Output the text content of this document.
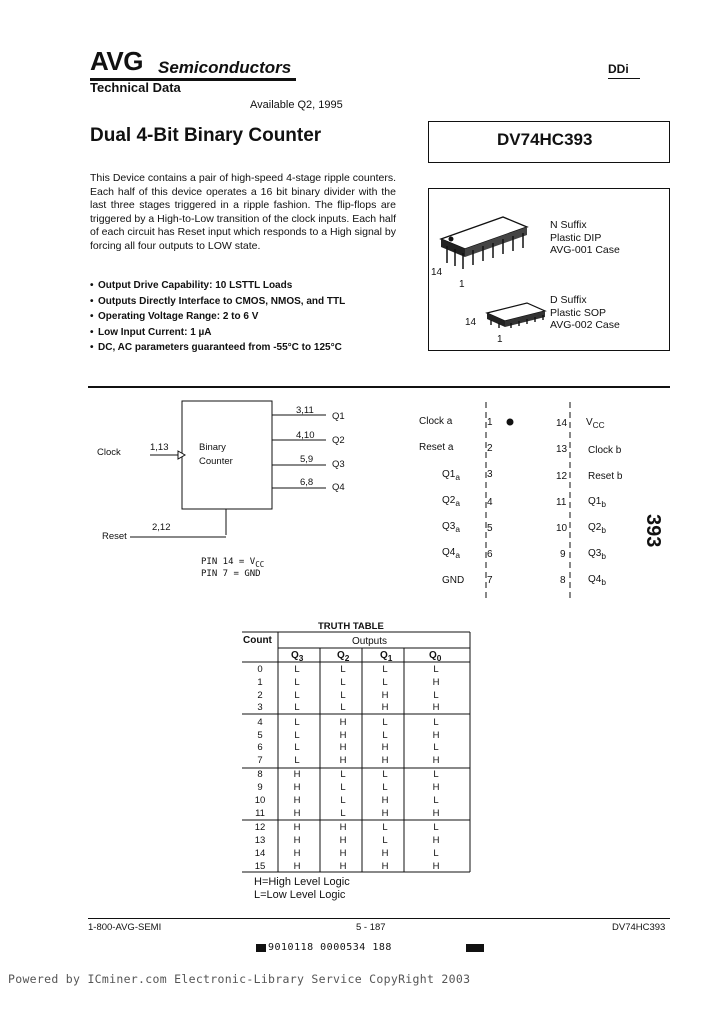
AVG Semiconductors	DDi
Technical Data
Available Q2, 1995
Dual 4-Bit Binary Counter	DV74HC393
This Device contains a pair of high-speed 4-stage ripple counters. Each half of this device operates a 16 bit binary divider with the last three stages triggered in a ripple fashion. The flip-flops are triggered by a High-to-Low transition of the clock inputs. Each half of each circuit has Reset input which responds to a High signal by forcing all four outputs to LOW state.
• Output Drive Capability: 10 LSTTL Loads
• Outputs Directly Interface to CMOS, NMOS, and TTL
• Operating Voltage Range: 2 to 6 V
• Low Input Current: 1 µA
• DC, AC parameters guaranteed from -55°C to 125°C
14
1
N Suffix
Plastic DIP
AVG-001 Case
14
1
D Suffix
Plastic SOP
AVG-002 Case
Binary
Counter
Clock	1,13
Reset
2,12
3,11
Q1
4,10 Q2
5,9 Q3
6,8 Q4
PIN $14 = V_{CC}$
PIN 7 = GND
Clock a	1
Reset a	2
$Q1_a$	3
$Q2_a$	4
$Q3_a$	5
$Q4_a$	6
GND 7
14 $V_{CC}$
13 Clock b
12 Reset b
11 $Q1_b$
10 $Q2_b$
9 $Q3_b$
8 $Q4_b$
393
TRUTH TABLE
Count	Outputs
$Q_3$	$Q_2$	$Q_1$	$Q_0$
0	L	L	L	L
1	L	L	L	H
2	L	L	H	L
3	L	L	H	H
4	L	H	L	L
5	L	H	L	H
6	L	H	H	L
7	L	H	H	H
8	H	L	L	L
9	H	L	L	H
10	H	L	H	L
11	H	L	H	H
12	H	H	L	L
13	H	H	L	H
14	H	H	H	L
15	H	H	H	H
H=High Level Logic
L=Low Level Logic
1-800-AVG-SEMI	5 - 187	DV74HC393
9010118 0000534 188
Powered by ICminer.com Electronic-Library Service CopyRight 2003
